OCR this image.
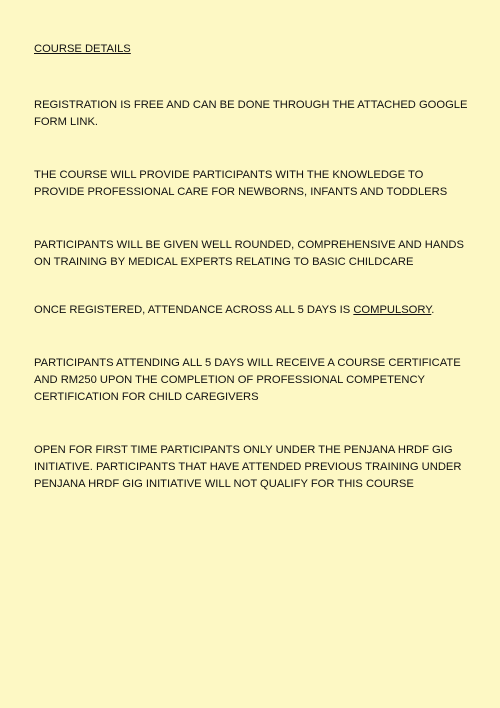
COURSE DETAILS

REGISTRATION IS FREE AND CAN BE DONE THROUGH THE ATTACHED GOOGLE FORM LINK.

THE COURSE WILL PROVIDE PARTICIPANTS WITH THE KNOWLEDGE TO PROVIDE PROFESSIONAL CARE FOR NEWBORNS, INFANTS AND TODDLERS

PARTICIPANTS WILL BE GIVEN WELL ROUNDED, COMPREHENSIVE AND HANDS ON TRAINING BY MEDICAL EXPERTS RELATING TO BASIC CHILDCARE

ONCE REGISTERED, ATTENDANCE ACROSS ALL 5 DAYS IS COMPULSORY.

PARTICIPANTS ATTENDING ALL 5 DAYS WILL RECEIVE A COURSE CERTIFICATE AND RM250 UPON THE COMPLETION OF PROFESSIONAL COMPETENCY CERTIFICATION FOR CHILD CAREGIVERS

OPEN FOR FIRST TIME PARTICIPANTS ONLY UNDER THE PENJANA HRDF GIG INITIATIVE. PARTICIPANTS THAT HAVE ATTENDED PREVIOUS TRAINING UNDER PENJANA HRDF GIG INITIATIVE WILL NOT QUALIFY FOR THIS COURSE
